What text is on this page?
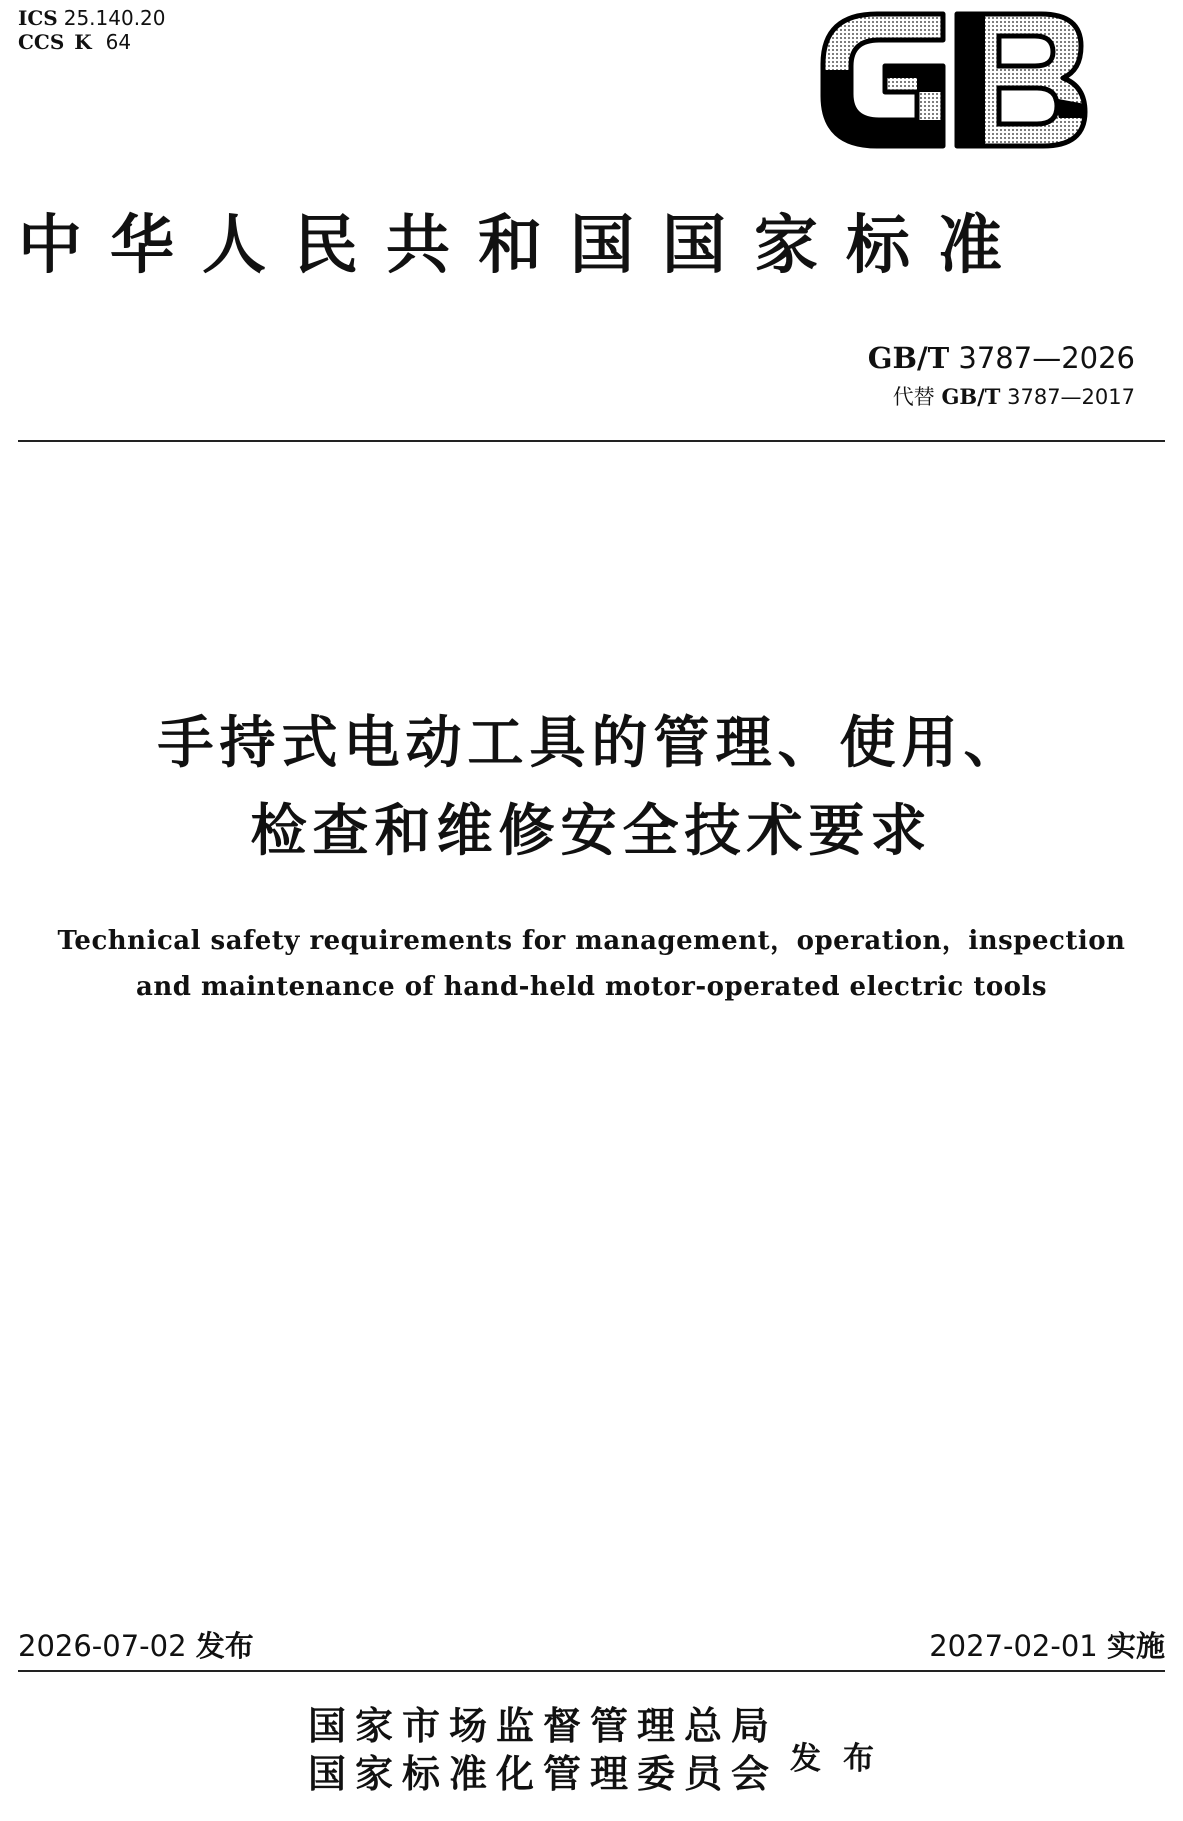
ICS 25.140.20
CCS K 64
中华人民共和国国家标准
GB/T 3787—2026
代替 GB/T 3787—2017
手持式电动工具的管理、使用、
检查和维修安全技术要求
Technical safety requirements for management，operation，inspection
and maintenance of hand-held motor-operated electric tools
2026-07-02 发布	2027-02-01 实施
国家市场监督管理总局
国家标准化管理委员会 发布
